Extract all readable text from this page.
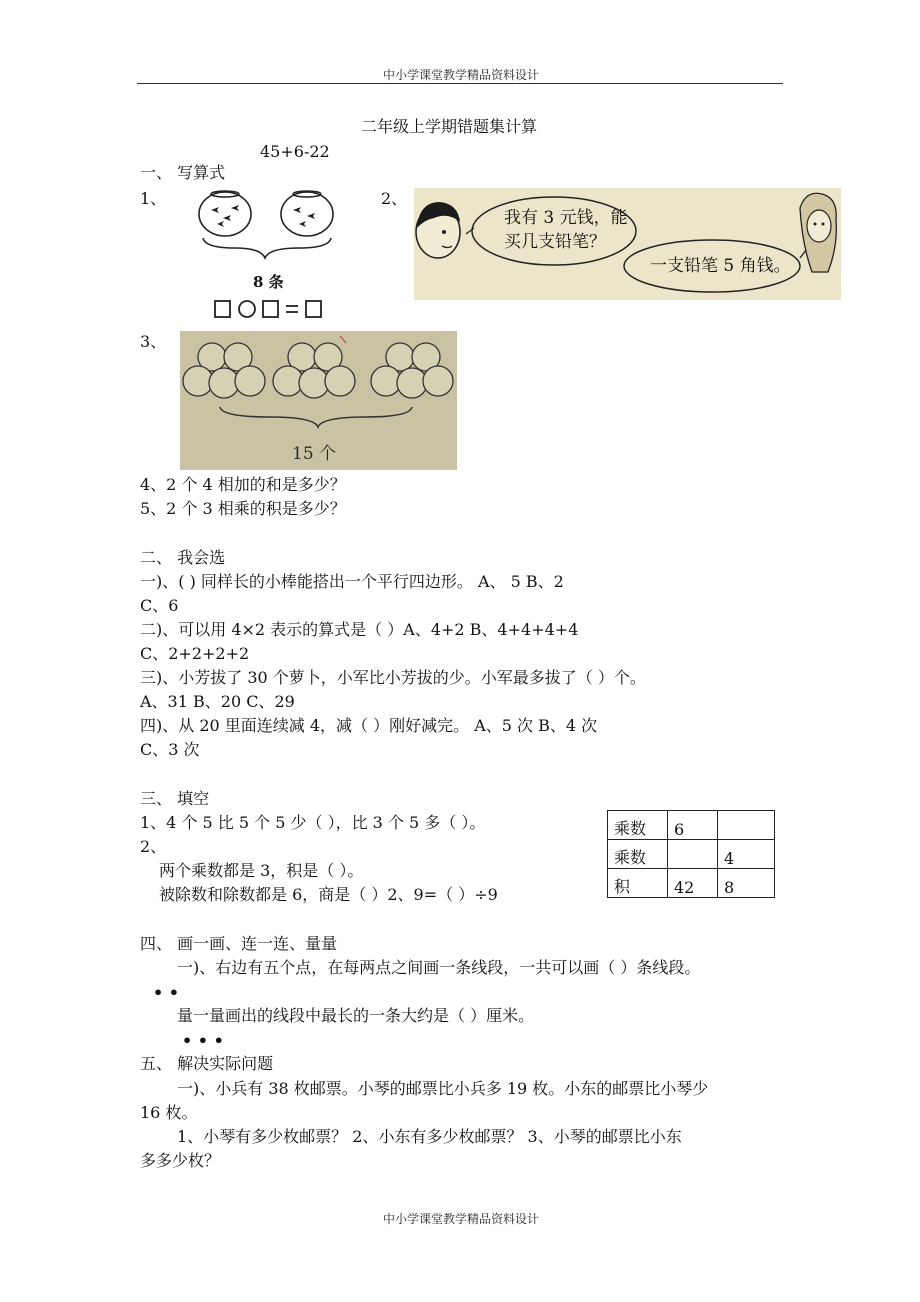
中小学课堂教学精品资料设计
二年级上学期错题集计算
45+6-22
一、 写算式
1、
8 条
2、
我有 3 元钱，能
买几支铅笔？
一支铅笔 5 角钱。
3、
15 个
4、2 个 4 相加的和是多少？
5、2 个 3 相乘的积是多少？
二、 我会选
一)、( ) 同样长的小棒能搭出一个平行四边形。 A、 5 B、2
C、6
二)、可以用 4×2 表示的算式是（ ）A、4+2 B、4+4+4+4
C、2+2+2+2
三)、小芳拔了 30 个萝卜，小军比小芳拔的少。小军最多拔了（ ）个。
A、31 B、20 C、29
四)、从 20 里面连续减 4，减（ ）刚好减完。 A、5 次 B、4 次
C、3 次
三、 填空
1、4 个 5 比 5 个 5 少（ ），比 3 个 5 多（ ）。
2、
两个乘数都是 3，积是（ ）。
被除数和除数都是 6，商是（ ）2、9=（ ）÷9
乘数	6	
乘数		4
积	42	8
四、 画一画、连一连、量量
一)、右边有五个点，在每两点之间画一条线段，一共可以画（ ）条线段。
• •
量一量画出的线段中最长的一条大约是（ ）厘米。
• • •
五、 解决实际问题
一)、小兵有 38 枚邮票。小琴的邮票比小兵多 19 枚。小东的邮票比小琴少
16 枚。
1、小琴有多少枚邮票？ 2、小东有多少枚邮票？ 3、小琴的邮票比小东
多多少枚？
中小学课堂教学精品资料设计
